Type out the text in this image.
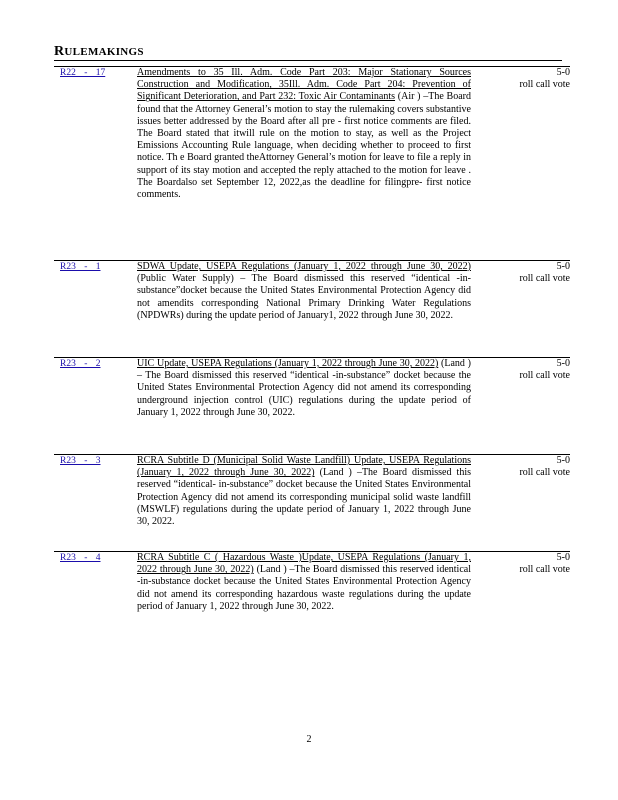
RULEMAKINGS
R22 - 17	Amendments to 35 Ill. Adm. Code Part 203: Major Stationary Sources Construction and Modification, 35Ill. Adm. Code Part 204: Prevention of Significant Deterioration, and Part 232: Toxic Air Contaminants (Air ) –The Board found that the Attorney General’s motion to stay the rulemaking covers substantive issues better addressed by the Board after all pre - first notice comments are filed. The Board stated that itwill rule on the motion to stay, as well as the Project Emissions Accounting Rule language, when deciding whether to proceed to first notice. Th e Board granted theAttorney General’s motion for leave to file a reply in support of its stay motion and accepted the reply attached to the motion for leave . The Boardalso set September 12, 2022,as the deadline for filingpre- first notice comments.
5-0
roll call vote
R23 - 1	SDWA Update, USEPA Regulations (January 1, 2022 through June 30, 2022) (Public Water Supply) – The Board dismissed this reserved “identical -in-substance”docket because the United States Environmental Protection Agency did not amendits corresponding National Primary Drinking Water Regulations (NPDWRs) during the update period of January1, 2022 through June 30, 2022.
5-0
roll call vote
R23 - 2	UIC Update, USEPA Regulations (January 1, 2022 through June 30, 2022) (Land ) – The Board dismissed this reserved “identical -in-substance” docket because the United States Environmental Protection Agency did not amend its corresponding underground injection control (UIC) regulations during the update period of January 1, 2022 through June 30, 2022.
5-0
roll call vote
R23 - 3	RCRA Subtitle D (Municipal Solid Waste Landfill) Update, USEPA Regulations (January 1, 2022 through June 30, 2022) (Land ) –The Board dismissed this reserved “identical- in-substance” docket because the United States Environmental Protection Agency did not amend its corresponding municipal solid waste landfill (MSWLF) regulations during the update period of January 1, 2022 through June 30, 2022.
5-0
roll call vote
R23 - 4	RCRA Subtitle C ( Hazardous Waste )Update, USEPA Regulations (January 1, 2022 through June 30, 2022) (Land ) –The Board dismissed this reserved identical -in-substance docket because the United States Environmental Protection Agency did not amend its corresponding hazardous waste regulations during the update period of January 1, 2022 through June 30, 2022.
5-0
roll call vote
2
